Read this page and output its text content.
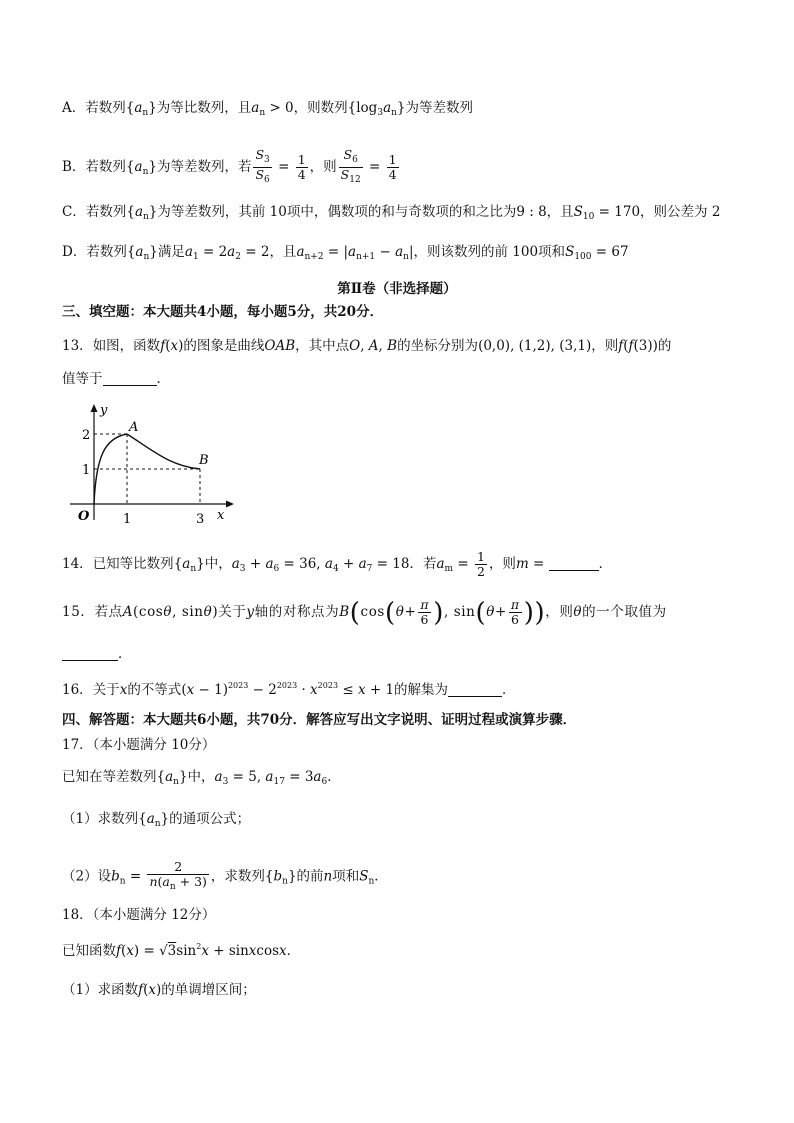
A．若数列$\{a_n\}$为等比数列，且$a_n > 0$，则数列$\{\log_3a_n\}$为等差数列
B．若数列$\{a_n\}$为等差数列，若 $\frac{S_3}{S_6} = \frac{1}{4}$ ，则 $\frac{S_6}{S_{12}} = \frac{1}{4}$
C．若数列$\{a_n\}$为等差数列，其前 10项中，偶数项的和与奇数项的和之比为9 : 8，且$S_{10} = 170$，则公差为 2
D．若数列$\{a_n\}$满足$a_1 = 2a_2 = 2$，且$a_{n+2} = |a_{n+1} - a_n|$，则该数列的前 100项和$S_{100} = 67$
第Ⅱ卷（非选择题）
三、填空题：本大题共4小题，每小题5分，共20分．
13．如图，函数f(x)的图象是曲线OAB，其中点O, A, B的坐标分别为(0,0), (1,2), (3,1)，则f(f(3))的
值等于	．
y
x
O	1	3
1
2
A
B
14．已知等比数列$\{a_n\}$中，$a_3 + a_6 = 36$, $a_4 + a_7 = 18$．若$a_m = \frac{1}{2}$ ，则m =	．
15．若点A(cosθ, sinθ)关于y轴的对称点为$B(\cos(\theta+ \frac{\pi}{6}$ ), $\sin(\theta+ \frac{\pi}{6}$ ))，则θ的一个取值为
．
16．关于x的不等式$(x - 1)^{2023} - 2^{2023} \cdot x^{2023} \le x + 1$的解集为	．
四、解答题：本大题共6小题，共70分．解答应写出文字说明、证明过程或演算步骤．
17．（本小题满分 10分）
已知在等差数列$\{a_n\}$中，$a_3 = 5$, $a_{17} = 3a_6$．
（1）求数列$\{a_n\}$的通项公式；
（2）设$b_n = \frac{2}{n(a_n + 3)}$ ，求数列$\{b_n\}$的前n项和$S_n$．
18．（本小题满分 12分）
已知函数$f(x) = √3\sin^2x$ + sinxcosx．
（1）求函数f(x)的单调增区间；
